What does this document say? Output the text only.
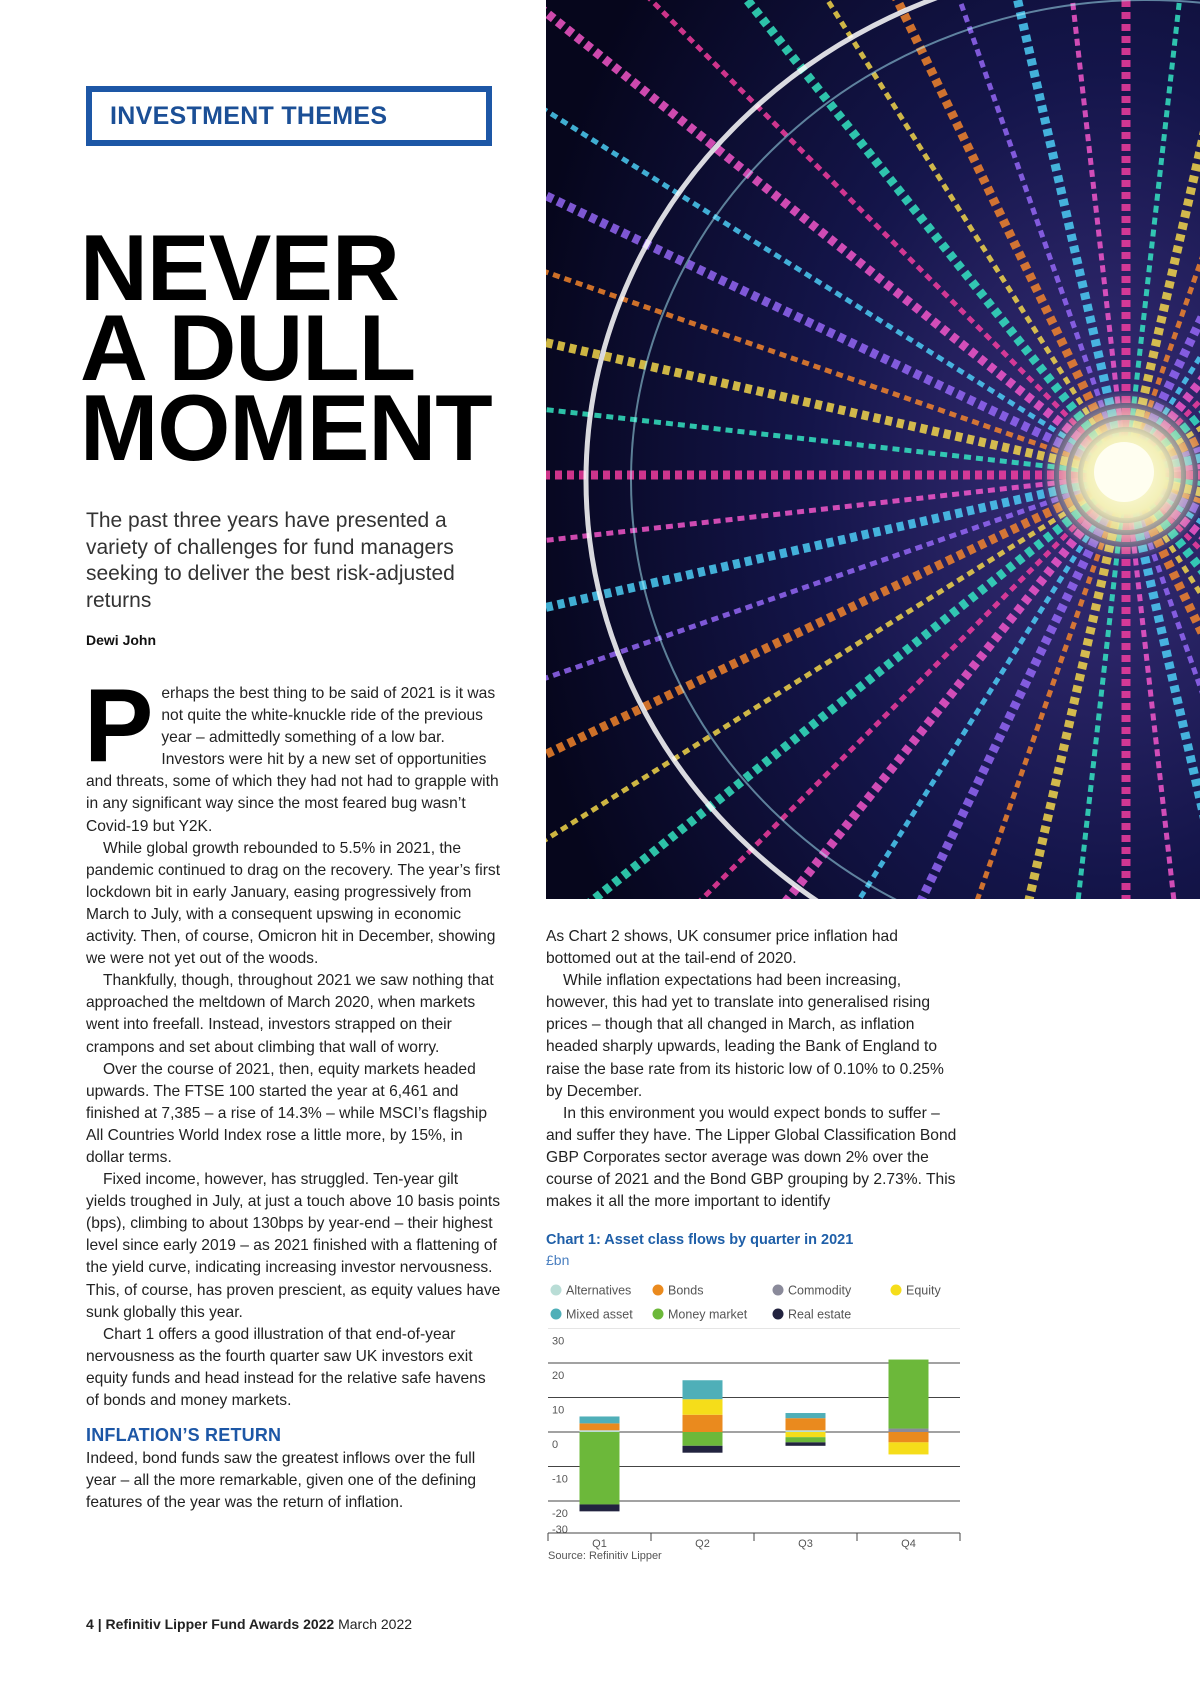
INVESTMENT THEMES
NEVER
A DULL
MOMENT
The past three years have presented a variety of challenges for fund managers seeking to deliver the best risk-adjusted returns
Dewi John
P erhaps the best thing to be said of 2021 is it was not quite the white-knuckle ride of the previous year – admittedly something of a low bar. Investors were hit by a new set of opportunities and threats, some of which they had not had to grapple with in any significant way since the most feared bug wasn’t Covid-19 but Y2K.

While global growth rebounded to 5.5% in 2021, the pandemic continued to drag on the recovery. The year’s first lockdown bit in early January, easing progressively from March to July, with a consequent upswing in economic activity. Then, of course, Omicron hit in December, showing we were not yet out of the woods.

Thankfully, though, throughout 2021 we saw nothing that approached the meltdown of March 2020, when markets went into freefall. Instead, investors strapped on their crampons and set about climbing that wall of worry.

Over the course of 2021, then, equity markets headed upwards. The FTSE 100 started the year at 6,461 and finished at 7,385 – a rise of 14.3% – while MSCI’s flagship All Countries World Index rose a little more, by 15%, in dollar terms.

Fixed income, however, has struggled. Ten-year gilt yields troughed in July, at just a touch above 10 basis points (bps), climbing to about 130bps by year-end – their highest level since early 2019 – as 2021 finished with a flattening of the yield curve, indicating increasing investor nervousness. This, of course, has proven prescient, as equity values have sunk globally this year.

Chart 1 offers a good illustration of that end-of-year nervousness as the fourth quarter saw UK investors exit equity funds and head instead for the relative safe havens of bonds and money markets.

INFLATION’S RETURN

Indeed, bond funds saw the greatest inflows over the full year – all the more remarkable, given one of the defining features of the year was the return of inflation.

As Chart 2 shows, UK consumer price inflation had bottomed out at the tail-end of 2020.

While inflation expectations had been increasing, however, this had yet to translate into generalised rising prices – though that all changed in March, as inflation headed sharply upwards, leading the Bank of England to raise the base rate from its historic low of 0.10% to 0.25% by December.

In this environment you would expect bonds to suffer – and suffer they have. The Lipper Global Classification Bond GBP Corporates sector average was down 2% over the course of 2021 and the Bond GBP grouping by 2.73%. This makes it all the more important to identify

Chart 1: Asset class flows by quarter in 2021
£bn
Alternatives	Bonds	Commodity	Equity
Mixed asset	Money market	Real estate
30
20
10
0
-10
-20
-30
Q1	Q2	Q3	Q4
Source: Refinitiv Lipper
4 | Refinitiv Lipper Fund Awards 2022 March 2022
